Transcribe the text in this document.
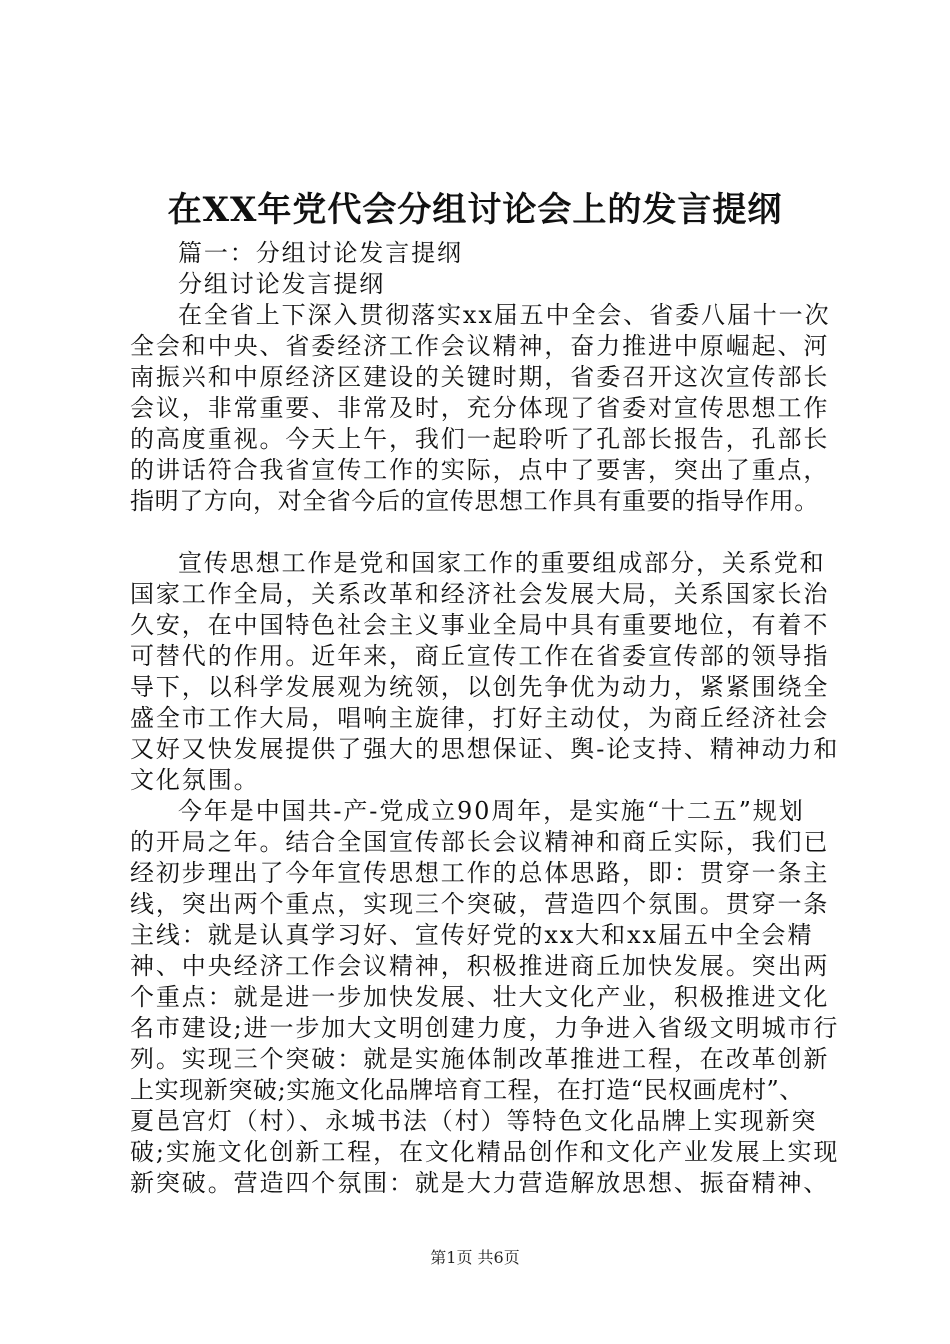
在XX年党代会分组讨论会上的发言提纲
篇一：分组讨论发言提纲
分组讨论发言提纲
在全省上下深入贯彻落实xx届五中全会、省委八届十一次
全会和中央、省委经济工作会议精神，奋力推进中原崛起、河
南振兴和中原经济区建设的关键时期，省委召开这次宣传部长
会议，非常重要、非常及时，充分体现了省委对宣传思想工作
的高度重视。今天上午，我们一起聆听了孔部长报告，孔部长
的讲话符合我省宣传工作的实际，点中了要害，突出了重点，
指明了方向，对全省今后的宣传思想工作具有重要的指导作用。
宣传思想工作是党和国家工作的重要组成部分，关系党和
国家工作全局，关系改革和经济社会发展大局，关系国家长治
久安，在中国特色社会主义事业全局中具有重要地位，有着不
可替代的作用。近年来，商丘宣传工作在省委宣传部的领导指
导下，以科学发展观为统领，以创先争优为动力，紧紧围绕全
盛全市工作大局，唱响主旋律，打好主动仗，为商丘经济社会
又好又快发展提供了强大的思想保证、舆-论支持、精神动力和
文化氛围。
今年是中国共-产-党成立90周年，是实施“十二五”规划
的开局之年。结合全国宣传部长会议精神和商丘实际，我们已
经初步理出了今年宣传思想工作的总体思路，即：贯穿一条主
线，突出两个重点，实现三个突破，营造四个氛围。贯穿一条
主线：就是认真学习好、宣传好党的xx大和xx届五中全会精
神、中央经济工作会议精神，积极推进商丘加快发展。突出两
个重点：就是进一步加快发展、壮大文化产业，积极推进文化
名市建设;进一步加大文明创建力度，力争进入省级文明城市行
列。实现三个突破：就是实施体制改革推进工程，在改革创新
上实现新突破;实施文化品牌培育工程，在打造“民权画虎村”、
夏邑宫灯（村）、永城书法（村）等特色文化品牌上实现新突
破;实施文化创新工程，在文化精品创作和文化产业发展上实现
新突破。营造四个氛围：就是大力营造解放思想、振奋精神、
第1页 共6页
